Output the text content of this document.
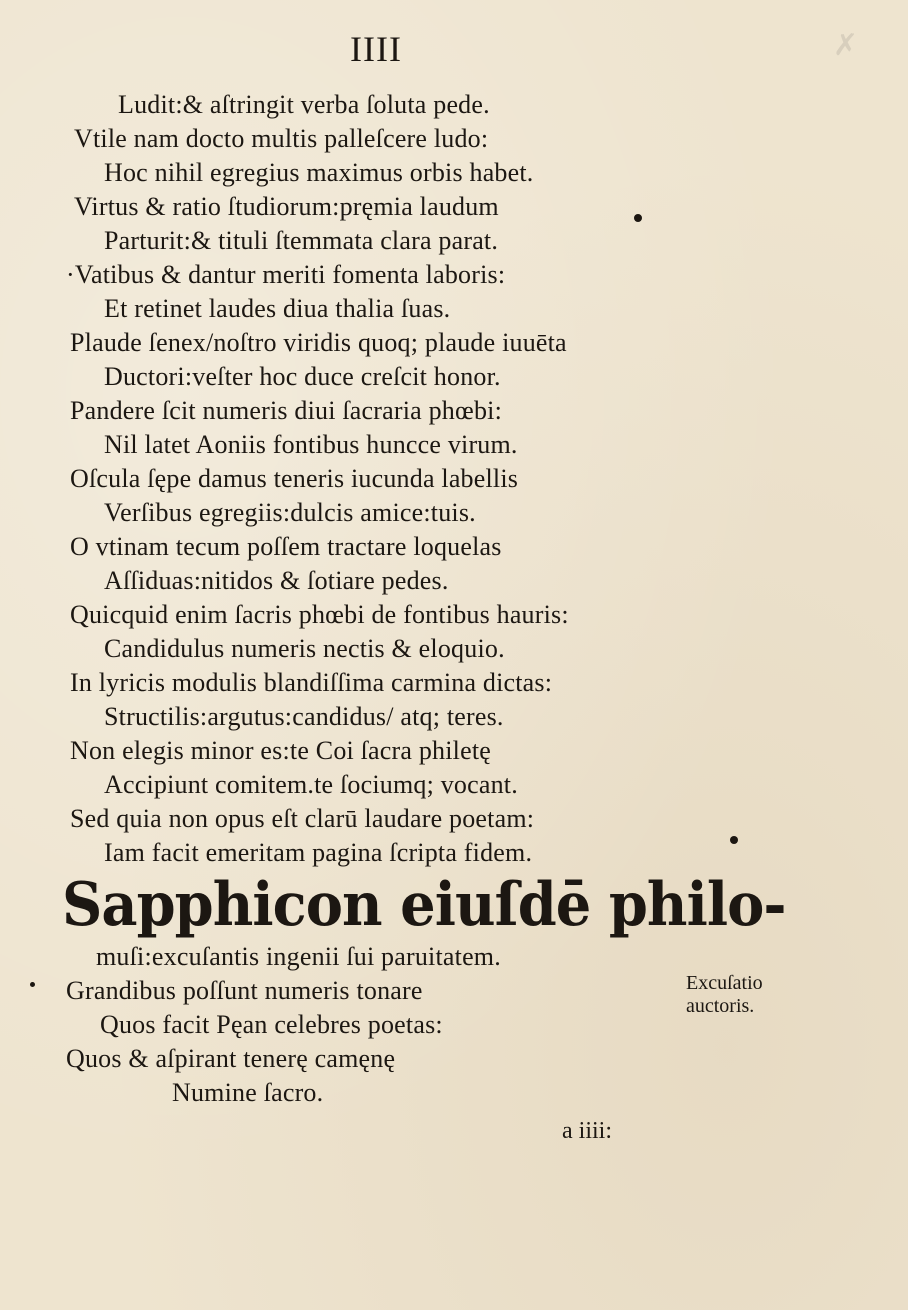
IIII	✗
Ludit:& aſtringit verba ſoluta pede.
Vtile nam docto multis palleſcere ludo:
Hoc nihil egregius maximus orbis habet.
Virtus & ratio ſtudiorum:pręmia laudum
Parturit:& tituli ſtemmata clara parat.
·Vatibus & dantur meriti fomenta laboris:
Et retinet laudes diua thalia ſuas.
Plaude ſenex/noſtro viridis quoq; plaude iuuēta
Ductori:veſter hoc duce creſcit honor.
Pandere ſcit numeris diui ſacraria phœbi:
Nil latet Aoniis fontibus huncce virum.
Oſcula ſępe damus teneris iucunda labellis
Verſibus egregiis:dulcis amice:tuis.
O vtinam tecum poſſem tractare loquelas
Aſſiduas:nitidos & ſotiare pedes.
Quicquid enim ſacris phœbi de fontibus hauris:
Candidulus numeris nectis & eloquio.
In lyricis modulis blandiſſima carmina dictas:
Structilis:argutus:candidus/ atq; teres.
Non elegis minor es:te Coi ſacra philetę
Accipiunt comitem.te ſociumq; vocant.
Sed quia non opus eſt clarū laudare poetam:
Iam facit emeritam pagina ſcripta fidem.
Sapphicon eiuſdē philo-
muſi:excuſantis ingenii ſui paruitatem.
Grandibus poſſunt numeris tonare
Quos facit Pęan celebres poetas:
Quos & aſpirant tenerę camęnę
Numine ſacro.
Excuſatio
auctoris.
a iiii:
